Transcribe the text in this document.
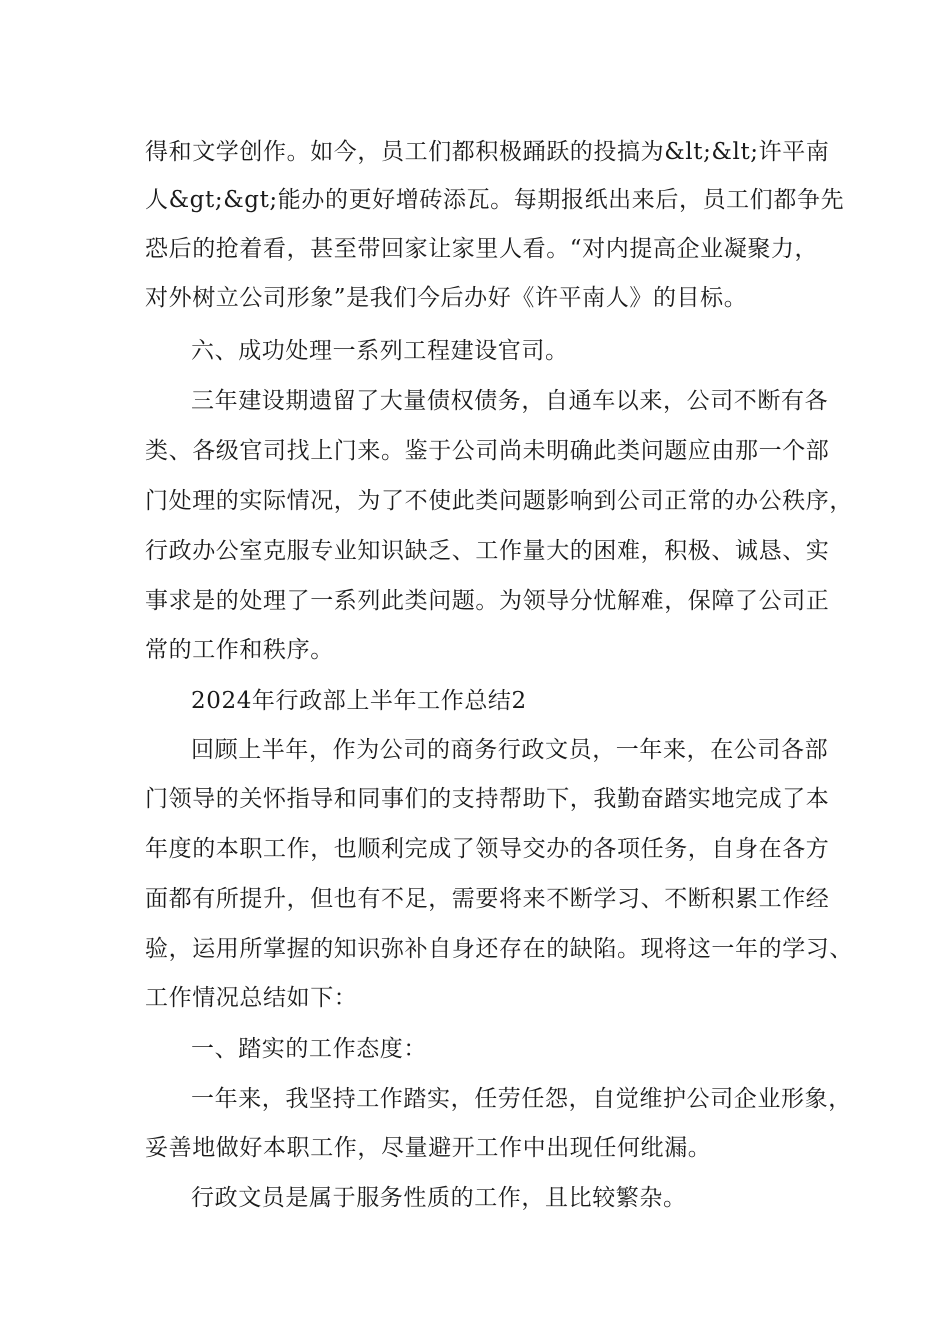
得和文学创作。如今，员工们都积极踊跃的投搞为&lt;&lt;许平南
人&gt;&gt;能办的更好增砖添瓦。每期报纸出来后，员工们都争先
恐后的抢着看，甚至带回家让家里人看。“对内提高企业凝聚力，
对外树立公司形象”是我们今后办好《许平南人》的目标。
六、成功处理一系列工程建设官司。
三年建设期遗留了大量债权债务，自通车以来，公司不断有各
类、各级官司找上门来。鉴于公司尚未明确此类问题应由那一个部
门处理的实际情况，为了不使此类问题影响到公司正常的办公秩序，
行政办公室克服专业知识缺乏、工作量大的困难，积极、诚恳、实
事求是的处理了一系列此类问题。为领导分忧解难，保障了公司正
常的工作和秩序。
2024年行政部上半年工作总结2
回顾上半年，作为公司的商务行政文员，一年来，在公司各部
门领导的关怀指导和同事们的支持帮助下，我勤奋踏实地完成了本
年度的本职工作，也顺利完成了领导交办的各项任务，自身在各方
面都有所提升，但也有不足，需要将来不断学习、不断积累工作经
验，运用所掌握的知识弥补自身还存在的缺陷。现将这一年的学习、
工作情况总结如下：
一、踏实的工作态度：
一年来，我坚持工作踏实，任劳任怨，自觉维护公司企业形象，
妥善地做好本职工作，尽量避开工作中出现任何纰漏。
行政文员是属于服务性质的工作，且比较繁杂。
